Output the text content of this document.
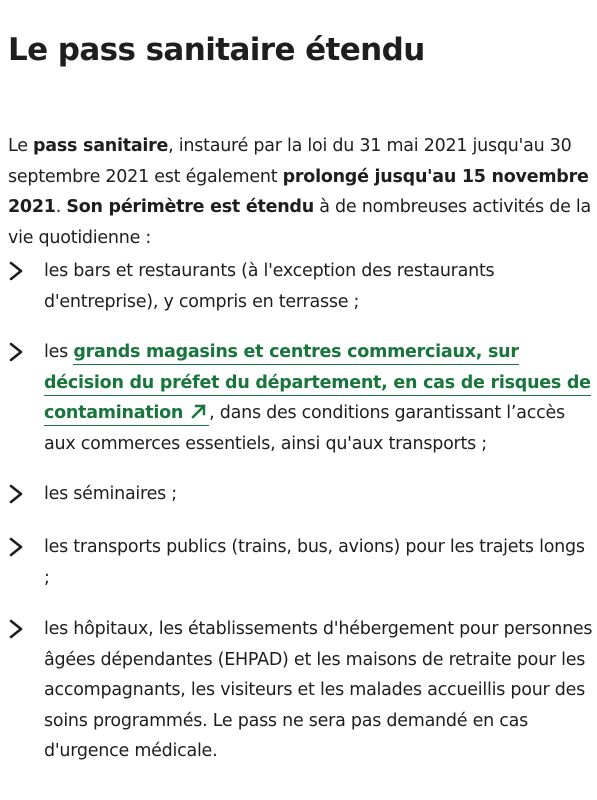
Le pass sanitaire étendu

Le pass sanitaire, instauré par la loi du 31 mai 2021 jusqu'au 30 septembre 2021 est également prolongé jusqu'au 15 novembre 2021. Son périmètre est étendu à de nombreuses activités de la vie quotidienne :

les bars et restaurants (à l'exception des restaurants d'entreprise), y compris en terrasse ;
les grands magasins et centres commerciaux, sur décision du préfet du département, en cas de risques de contamination , dans des conditions garantissant l’accès aux commerces essentiels, ainsi qu'aux transports ;
les séminaires ;
les transports publics (trains, bus, avions) pour les trajets longs ;
les hôpitaux, les établissements d'hébergement pour personnes âgées dépendantes (EHPAD) et les maisons de retraite pour les accompagnants, les visiteurs et les malades accueillis pour des soins programmés. Le pass ne sera pas demandé en cas d'urgence médicale.
